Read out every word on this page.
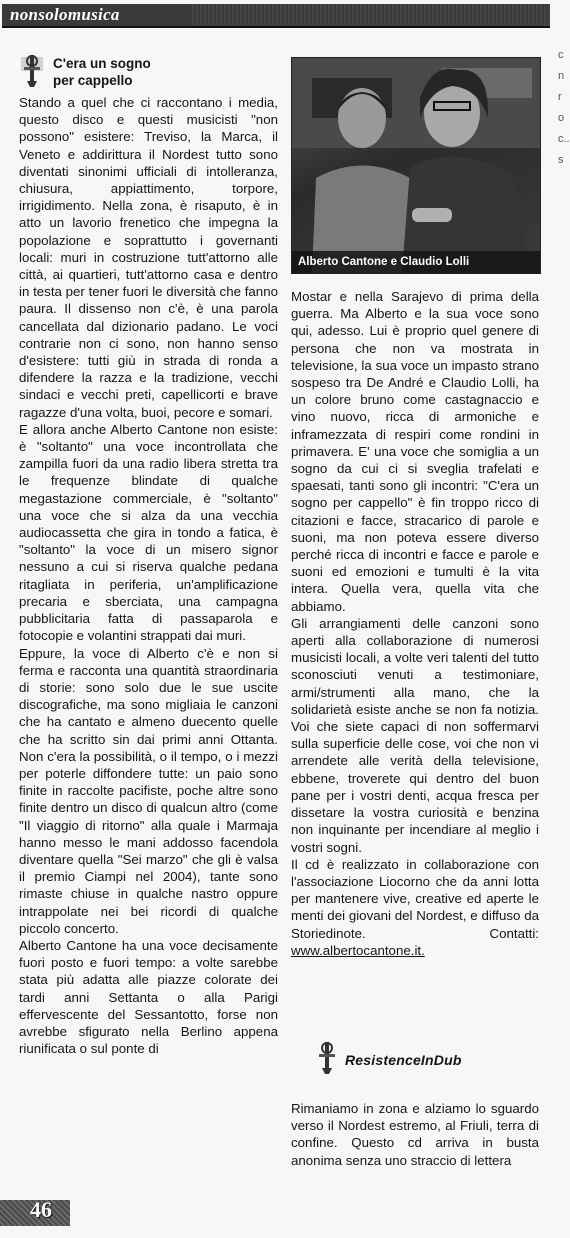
nonsolomusica
C'era un sogno
per cappello

Stando a quel che ci raccontano i media, questo disco e questi musicisti "non possono" esistere: Treviso, la Marca, il Veneto e addirittura il Nordest tutto sono diventati sinonimi ufficiali di intolleranza, chiusura, appiattimento, torpore, irrigidimento. Nella zona, è risaputo, è in atto un lavorio frenetico che impegna la popolazione e soprattutto i governanti locali: muri in costruzione tutt'attorno alle città, ai quartieri, tutt'attorno casa e dentro in testa per tener fuori le diversità che fanno paura. Il dissenso non c'è, è una parola cancellata dal dizionario padano. Le voci contrarie non ci sono, non hanno senso d'esistere: tutti giù in strada di ronda a difendere la razza e la tradizione, vecchi sindaci e vecchi preti, capellicorti e brave ragazze d'una volta, buoi, pecore e somari.

E allora anche Alberto Cantone non esiste: è "soltanto" una voce incontrollata che zampilla fuori da una radio libera stretta tra le frequenze blindate di qualche megastazione commerciale, è "soltanto" una voce che si alza da una vecchia audiocassetta che gira in tondo a fatica, è "soltanto" la voce di un misero signor nessuno a cui si riserva qualche pedana ritagliata in periferia, un'amplificazione precaria e sberciata, una campagna pubblicitaria fatta di passaparola e fotocopie e volantini strappati dai muri.

Eppure, la voce di Alberto c'è e non si ferma e racconta una quantità straordinaria di storie: sono solo due le sue uscite discografiche, ma sono migliaia le canzoni che ha cantato e almeno duecento quelle che ha scritto sin dai primi anni Ottanta. Non c'era la possibilità, o il tempo, o i mezzi per poterle diffondere tutte: un paio sono finite in raccolte pacifiste, poche altre sono finite dentro un disco di qualcun altro (come "Il viaggio di ritorno" alla quale i Marmaja hanno messo le mani addosso facendola diventare quella "Sei marzo" che gli è valsa il premio Ciampi nel 2004), tante sono rimaste chiuse in qualche nastro oppure intrappolate nei bei ricordi di qualche piccolo concerto.

Alberto Cantone ha una voce decisamente fuori posto e fuori tempo: a volte sarebbe stata più adatta alle piazze colorate dei tardi anni Settanta o alla Parigi effervescente del Sessantotto, forse non avrebbe sfigurato nella Berlino appena riunificata o sul ponte di

Alberto Cantone e Claudio Lolli

Mostar e nella Sarajevo di prima della guerra. Ma Alberto e la sua voce sono qui, adesso. Lui è proprio quel genere di persona che non va mostrata in televisione, la sua voce un impasto strano sospeso tra De André e Claudio Lolli, ha un colore bruno come castagnaccio e vino nuovo, ricca di armoniche e inframezzata di respiri come rondini in primavera. E' una voce che somiglia a un sogno da cui ci si sveglia trafelati e spaesati, tanti sono gli incontri: "C'era un sogno per cappello" è fin troppo ricco di citazioni e facce, stracarico di parole e suoni, ma non poteva essere diverso perché ricca di incontri e facce e parole e suoni ed emozioni e tumulti è la vita intera. Quella vera, quella vita che abbiamo.

Gli arrangiamenti delle canzoni sono aperti alla collaborazione di numerosi musicisti locali, a volte veri talenti del tutto sconosciuti venuti a testimoniare, armi/strumenti alla mano, che la solidarietà esiste anche se non fa notizia. Voi che siete capaci di non soffermarvi sulla superficie delle cose, voi che non vi arrendete alle verità della televisione, ebbene, troverete qui dentro del buon pane per i vostri denti, acqua fresca per dissetare la vostra curiosità e benzina non inquinante per incendiare al meglio i vostri sogni.

Il cd è realizzato in collaborazione con l'associazione Liocorno che da anni lotta per mantenere vive, creative ed aperte le menti dei giovani del Nordest, e diffuso da Storiedinote. Contatti: www.albertocantone.it.

ResistenceInDub

Rimaniamo in zona e alziamo lo sguardo verso il Nordest estremo, al Friuli, terra di confine. Questo cd arriva in busta anonima senza uno straccio di lettera

46
cnroc..s
